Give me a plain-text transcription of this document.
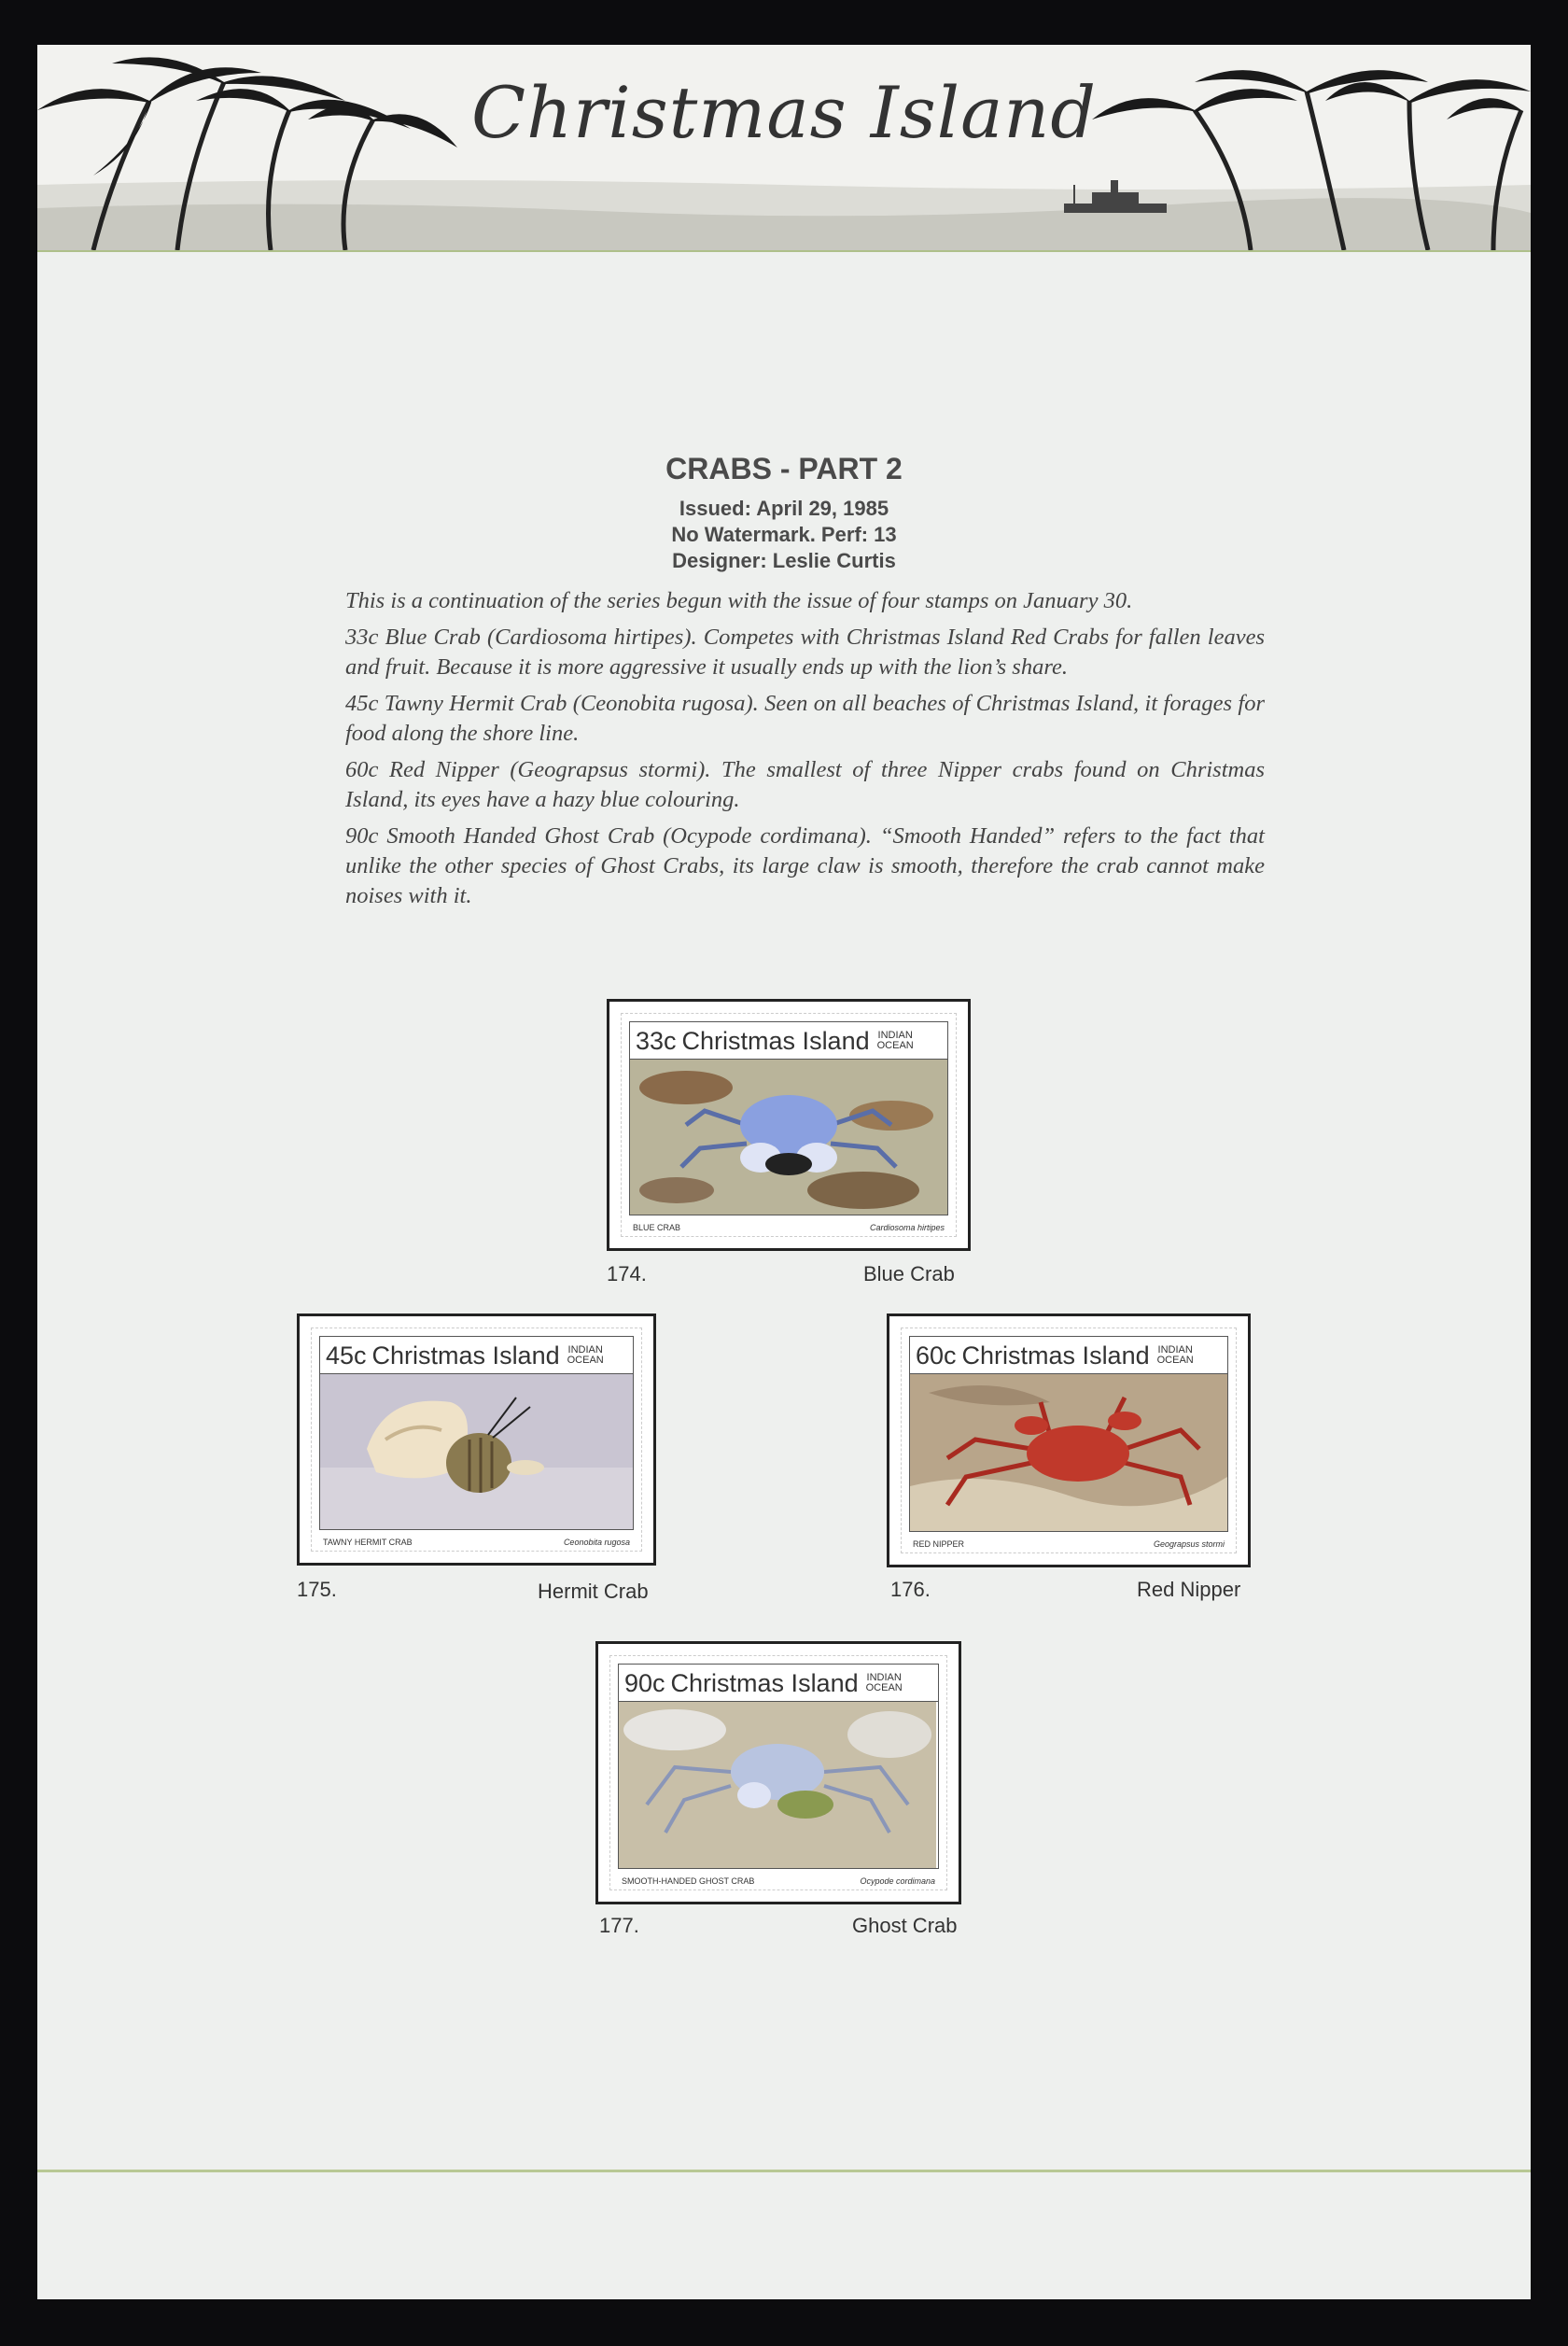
Christmas Island
CRABS - PART 2
Issued: April 29, 1985
No Watermark. Perf: 13
Designer: Leslie Curtis

This is a continuation of the series begun with the issue of four stamps on January 30.

33c Blue Crab (Cardiosoma hirtipes). Competes with Christmas Island Red Crabs for fallen leaves and fruit. Because it is more aggressive it usually ends up with the lion’s share.

45c Tawny Hermit Crab (Ceonobita rugosa). Seen on all beaches of Christmas Island, it forages for food along the shore line.

60c Red Nipper (Geograpsus stormi). The smallest of three Nipper crabs found on Christmas Island, its eyes have a hazy blue colouring.

90c Smooth Handed Ghost Crab (Ocypode cordimana). “Smooth Handed” refers to the fact that unlike the other species of Ghost Crabs, its large claw is smooth, therefore the crab cannot make noises with it.

33c Christmas Island INDIAN
OCEAN
BLUE CRAB	Cardiosoma hirtipes
174.	Blue Crab
45c Christmas Island INDIAN
OCEAN
TAWNY HERMIT CRAB	Ceonobita rugosa
175.	Hermit Crab
60c Christmas Island INDIAN
OCEAN
RED NIPPER	Geograpsus stormi
176.	Red Nipper
90c Christmas Island INDIAN
OCEAN
SMOOTH-HANDED GHOST CRAB	Ocypode cordimana
177.	Ghost Crab
